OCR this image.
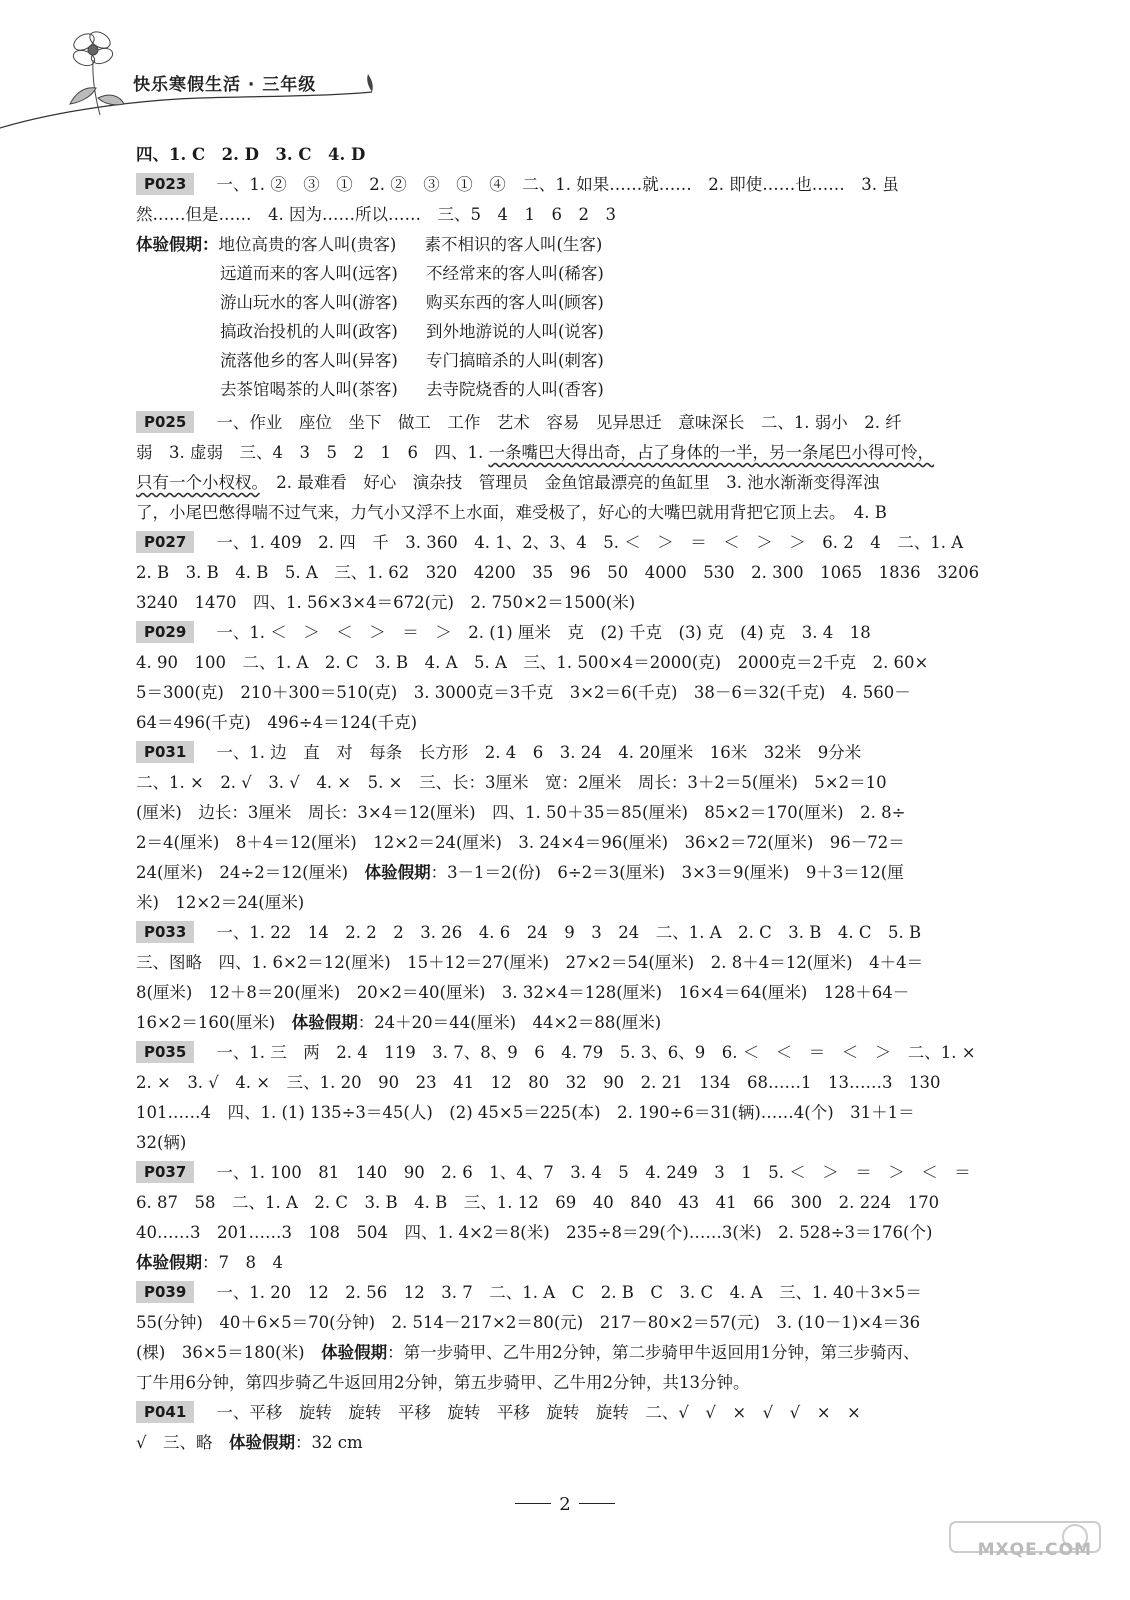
快乐寒假生活 · 三年级
四、1. C　2. D　3. C　4. D
P023 一、1. ②　③　①　2. ②　③　①　④　二、1. 如果……就……　2. 即使……也……　3. 虽
然……但是……　4. 因为……所以……　三、5　4　1　6　2　3
体验假期：地位高贵的客人叫(贵客) 素不相识的客人叫(生客)
远道而来的客人叫(远客) 不经常来的客人叫(稀客)
游山玩水的客人叫(游客) 购买东西的客人叫(顾客)
搞政治投机的人叫(政客) 到外地游说的人叫(说客)
流落他乡的客人叫(异客) 专门搞暗杀的人叫(刺客)
去茶馆喝茶的人叫(茶客) 去寺院烧香的人叫(香客)
P025 一、作业　座位　坐下　做工　工作　艺术　容易　见异思迁　意味深长　二、1. 弱小　2. 纤
弱　3. 虚弱　三、4　3　5　2　1　6　四、1. 一条嘴巴大得出奇，占了身体的一半，另一条尾巴小得可怜，
只有一个小杈杈。　2. 最难看　好心　演杂技　管理员　金鱼馆最漂亮的鱼缸里　3. 池水渐渐变得浑浊
了，小尾巴憋得喘不过气来，力气小又浮不上水面，难受极了，好心的大嘴巴就用背把它顶上去。　4. B
P027 一、1. 409　2. 四　千　3. 360　4. 1、2、3、4　5. ＜　＞　＝　＜　＞　＞　6. 2　4　二、1. A
2. B　3. B　4. B　5. A　三、1. 62　320　4200　35　96　50　4000　530　2. 300　1065　1836　3206
3240　1470　四、1. 56×3×4＝672(元)　2. 750×2＝1500(米)
P029 一、1. ＜　＞　＜　＞　＝　＞　2. (1) 厘米　克　(2) 千克　(3) 克　(4) 克　3. 4　18
4. 90　100　二、1. A　2. C　3. B　4. A　5. A　三、1. 500×4＝2000(克)　2000克＝2千克　2. 60×
5＝300(克)　210＋300＝510(克)　3. 3000克＝3千克　3×2＝6(千克)　38－6＝32(千克)　4. 560－
64＝496(千克)　496÷4＝124(千克)
P031 一、1. 边　直　对　每条　长方形　2. 4　6　3. 24　4. 20厘米　16米　32米　9分米
二、1. ×　2. √　3. √　4. ×　5. ×　三、长：3厘米　宽：2厘米　周长：3＋2＝5(厘米)　5×2＝10
(厘米)　边长：3厘米　周长：3×4＝12(厘米)　四、1. 50＋35＝85(厘米)　85×2＝170(厘米)　2. 8÷
2＝4(厘米)　8＋4＝12(厘米)　12×2＝24(厘米)　3. 24×4＝96(厘米)　36×2＝72(厘米)　96－72＝
24(厘米)　24÷2＝12(厘米)　体验假期：3－1＝2(份)　6÷2＝3(厘米)　3×3＝9(厘米)　9＋3＝12(厘
米)　12×2＝24(厘米)
P033 一、1. 22　14　2. 2　2　3. 26　4. 6　24　9　3　24　二、1. A　2. C　3. B　4. C　5. B
三、图略　四、1. 6×2＝12(厘米)　15＋12＝27(厘米)　27×2＝54(厘米)　2. 8＋4＝12(厘米)　4＋4＝
8(厘米)　12＋8＝20(厘米)　20×2＝40(厘米)　3. 32×4＝128(厘米)　16×4＝64(厘米)　128＋64－
16×2＝160(厘米)　体验假期：24＋20＝44(厘米)　44×2＝88(厘米)
P035 一、1. 三　两　2. 4　119　3. 7、8、9　6　4. 79　5. 3、6、9　6. ＜　＜　＝　＜　＞　二、1. ×
2. ×　3. √　4. ×　三、1. 20　90　23　41　12　80　32　90　2. 21　134　68……1　13……3　130
101……4　四、1. (1) 135÷3＝45(人)　(2) 45×5＝225(本)　2. 190÷6＝31(辆)……4(个)　31＋1＝
32(辆)
P037 一、1. 100　81　140　90　2. 6　1、4、7　3. 4　5　4. 249　3　1　5. ＜　＞　＝　＞　＜　＝
6. 87　58　二、1. A　2. C　3. B　4. B　三、1. 12　69　40　840　43　41　66　300　2. 224　170
40……3　201……3　108　504　四、1. 4×2＝8(米)　235÷8＝29(个)……3(米)　2. 528÷3＝176(个)
体验假期：7　8　4
P039 一、1. 20　12　2. 56　12　3. 7　二、1. A　C　2. B　C　3. C　4. A　三、1. 40＋3×5＝
55(分钟)　40＋6×5＝70(分钟)　2. 514－217×2＝80(元)　217－80×2＝57(元)　3. (10－1)×4＝36
(棵)　36×5＝180(米)　体验假期：第一步骑甲、乙牛用2分钟，第二步骑甲牛返回用1分钟，第三步骑丙、
丁牛用6分钟，第四步骑乙牛返回用2分钟，第五步骑甲、乙牛用2分钟，共13分钟。
P041 一、平移　旋转　旋转　平移　旋转　平移　旋转　旋转　二、√　√　×　√　√　×　×
√　三、略　体验假期：32 cm
2
MXQE.COM
